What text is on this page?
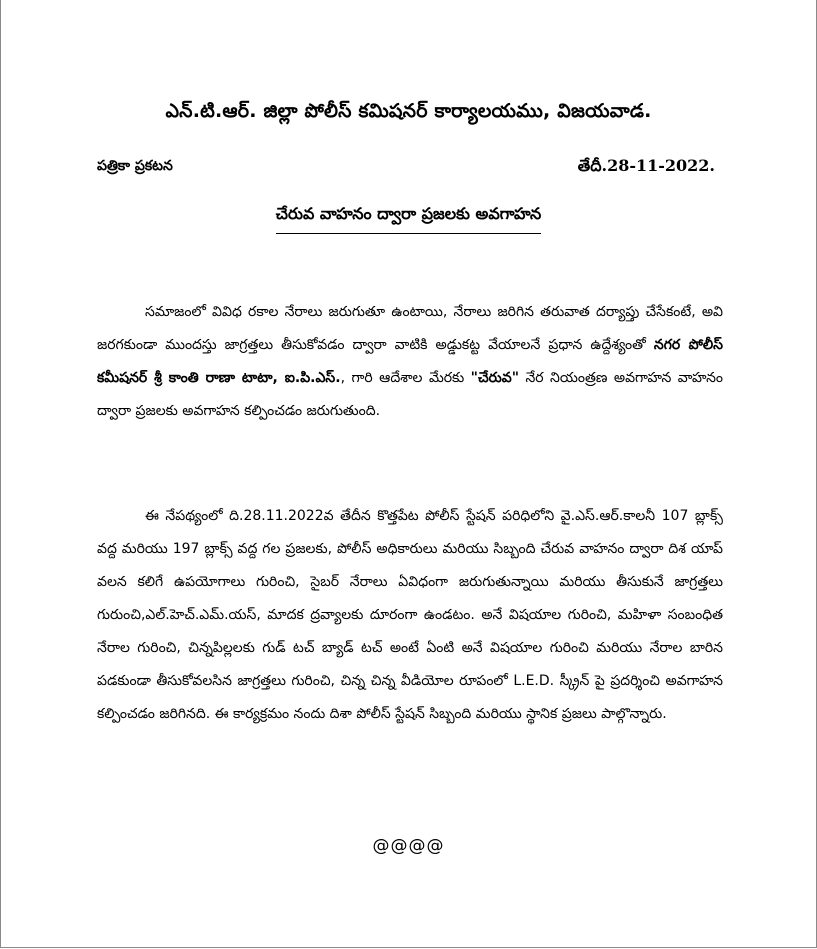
ఎన్.టి.ఆర్. జిల్లా పోలీస్ కమిషనర్ కార్యాలయము, విజయవాడ.
పత్రికా ప్రకటన	తేదీ.28-11-2022.
చేరువ వాహనం ద్వారా ప్రజలకు అవగాహన

సమాజంలో వివిధ రకాల నేరాలు జరుగుతూ ఉంటాయి, నేరాలు జరిగిన తరువాత దర్యాప్తు చేసేకంటే, అవి జరగకుండా ముందస్తు జాగ్రత్తలు తీసుకోవడం ద్వారా వాటికి అడ్డుకట్ట వేయాలనే ప్రధాన ఉద్దేశ్యంతో నగర పోలీస్ కమీషనర్ శ్రీ కాంతి రాణా టాటా, ఐ.పి.ఎస్., గారి ఆదేశాల మేరకు "చేరువ" నేర నియంత్రణ అవగాహన వాహనం ద్వారా ప్రజలకు అవగాహన కల్పించడం జరుగుతుంది.

ఈ నేపథ్యంలో ది.28.11.2022వ తేదీన కొత్తపేట పోలీస్ స్టేషన్ పరిధిలోని వై.ఎస్.ఆర్.కాలనీ 107 బ్లాక్స్ వద్ద మరియు 197 బ్లాక్స్ వద్ద గల ప్రజలకు, పోలీస్ అధికారులు మరియు సిబ్బంది చేరువ వాహనం ద్వారా దిశ యాప్ వలన కలిగే ఉపయోగాలు గురించి, సైబర్ నేరాలు ఏవిధంగా జరుగుతున్నాయి మరియు తీసుకునే జాగ్రత్తలు గురుంచి,ఎల్.హెచ్.ఎమ్.యస్, మాదక ద్రవ్యాలకు దూరంగా ఉండటం. అనే విషయాల గురించి, మహిళా సంబంధిత నేరాల గురించి, చిన్నపిల్లలకు గుడ్ టచ్ బ్యాడ్ టచ్ అంటే ఏంటి అనే విషయాల గురించి మరియు నేరాల బారిన పడకుండా తీసుకోవలసిన జాగ్రత్తలు గురించి, చిన్న చిన్న వీడియోల రూపంలో L.E.D. స్క్రీన్ పై ప్రదర్శించి అవగాహన కల్పించడం జరిగినది. ఈ కార్యక్రమం నందు దిశా పోలీస్ స్టేషన్ సిబ్బంది మరియు స్థానిక ప్రజలు పాల్గొన్నారు.

@@@@
